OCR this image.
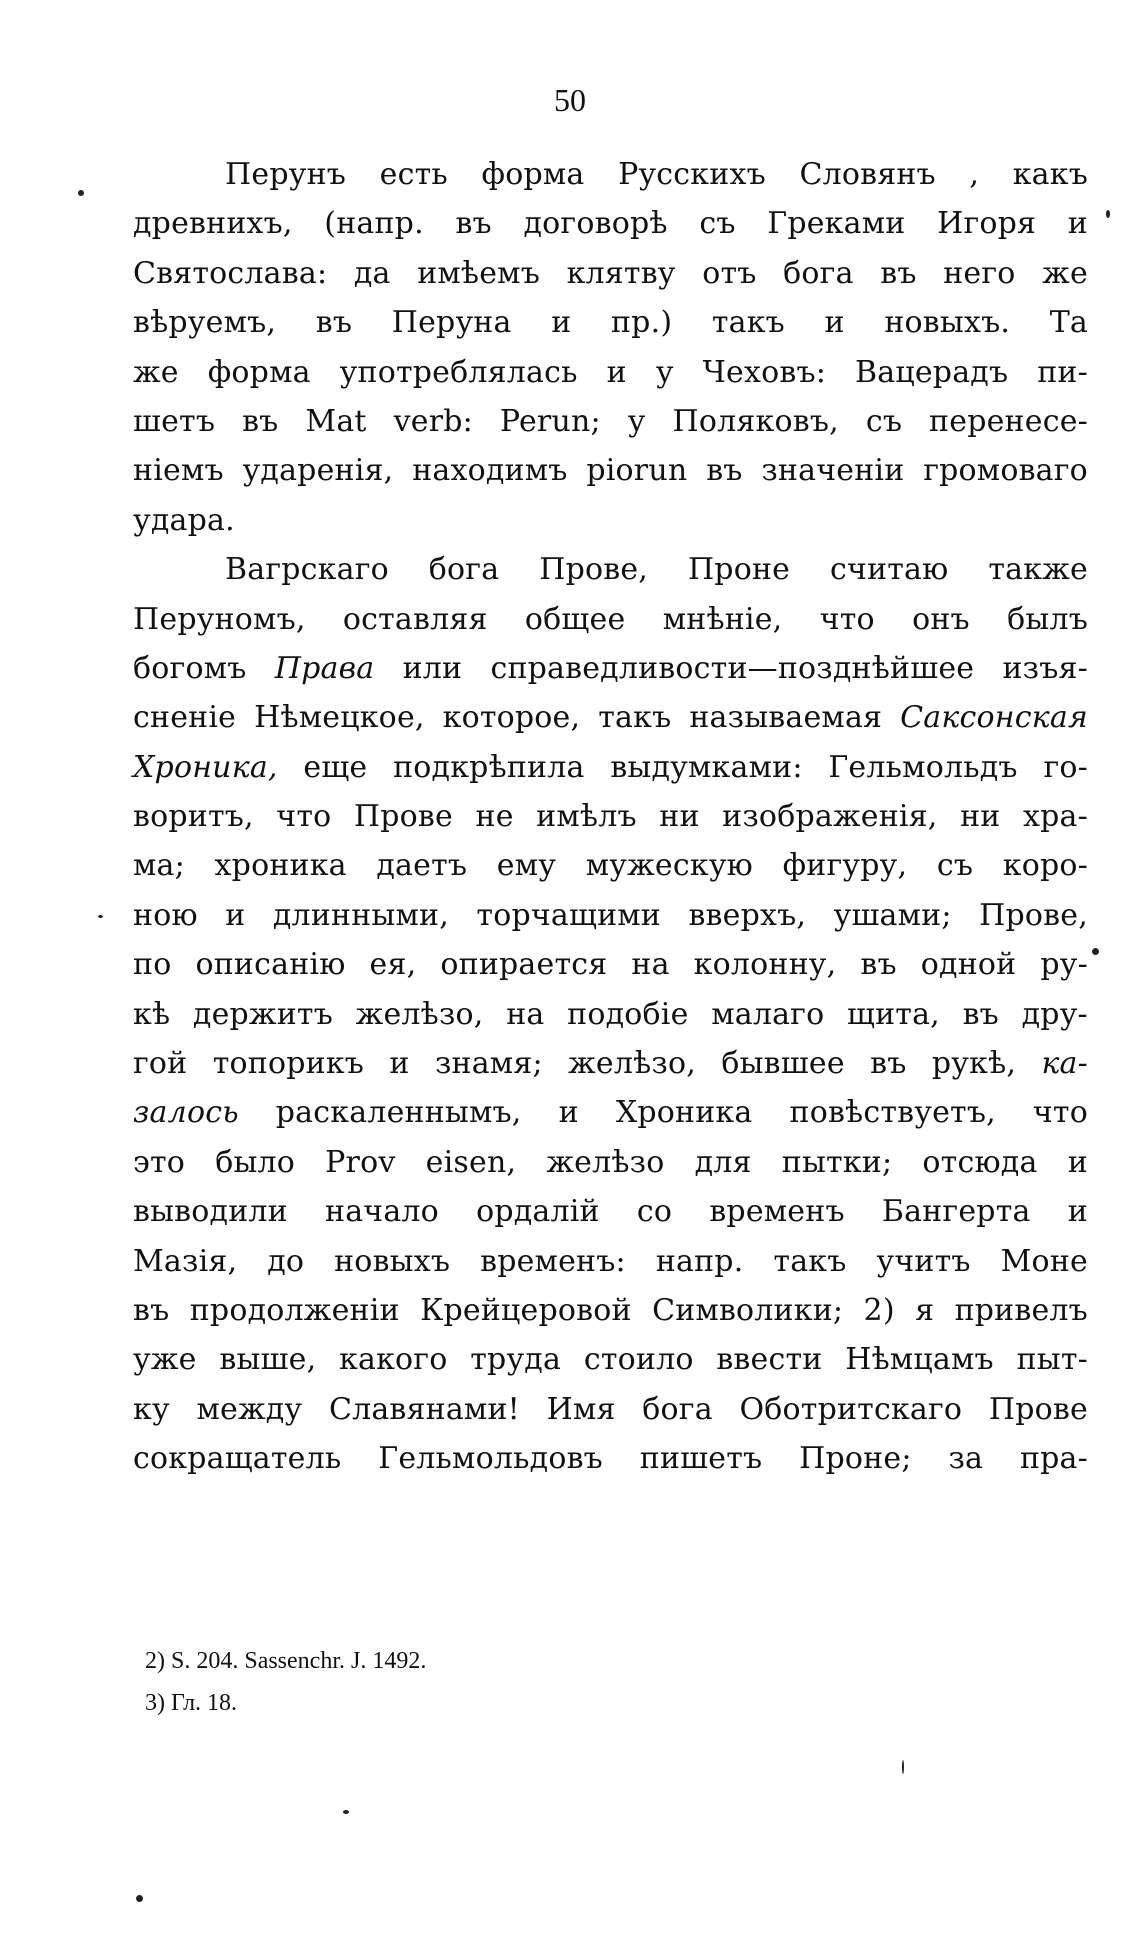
50
Перунъ есть форма Русскихъ Словянъ , какъ
древнихъ, (напр. въ договорѣ съ Греками Игоря и
Святослава: да имѣемъ клятву отъ бога въ него же
вѣруемъ, въ Перуна и пр.) такъ и новыхъ. Та
же форма употреблялась и у Чеховъ: Вацерадъ пи-
шетъ въ Mat verb: Perun; у Поляковъ, съ перенесе-
ніемъ ударенія, находимъ piorun въ значеніи громоваго
удара.
Вагрскаго бога Прове, Проне считаю также
Перуномъ, оставляя общее мнѣніе, что онъ былъ
богомъ Права или справедливости—позднѣйшее изъя-
сненіе Нѣмецкое, которое, такъ называемая Саксонская
Хроника, еще подкрѣпила выдумками: Гельмольдъ го-
воритъ, что Прове не имѣлъ ни изображенія, ни хра-
ма; хроника даетъ ему мужескую фигуру, съ коро-
ною и длинными, торчащими вверхъ, ушами; Прове,
по описанію ея, опирается на колонну, въ одной ру-
кѣ держитъ желѣзо, на подобіе малаго щита, въ дру-
гой топорикъ и знамя; желѣзо, бывшее въ рукѣ, ка-
залось раскаленнымъ, и Хроника повѣствуетъ, что
это было Prov eisen, желѣзо для пытки; отсюда и
выводили начало ордалій со временъ Бангерта и
Мазія, до новыхъ временъ: напр. такъ учитъ Моне
въ продолженіи Крейцеровой Символики; 2) я привелъ
уже выше, какого труда стоило ввести Нѣмцамъ пыт-
ку между Славянами! Имя бога Оботритскаго Прове
сокращатель Гельмольдовъ пишетъ Проне; за пра-
2) S. 204. Sassenchr. J. 1492.
3) Гл. 18.
